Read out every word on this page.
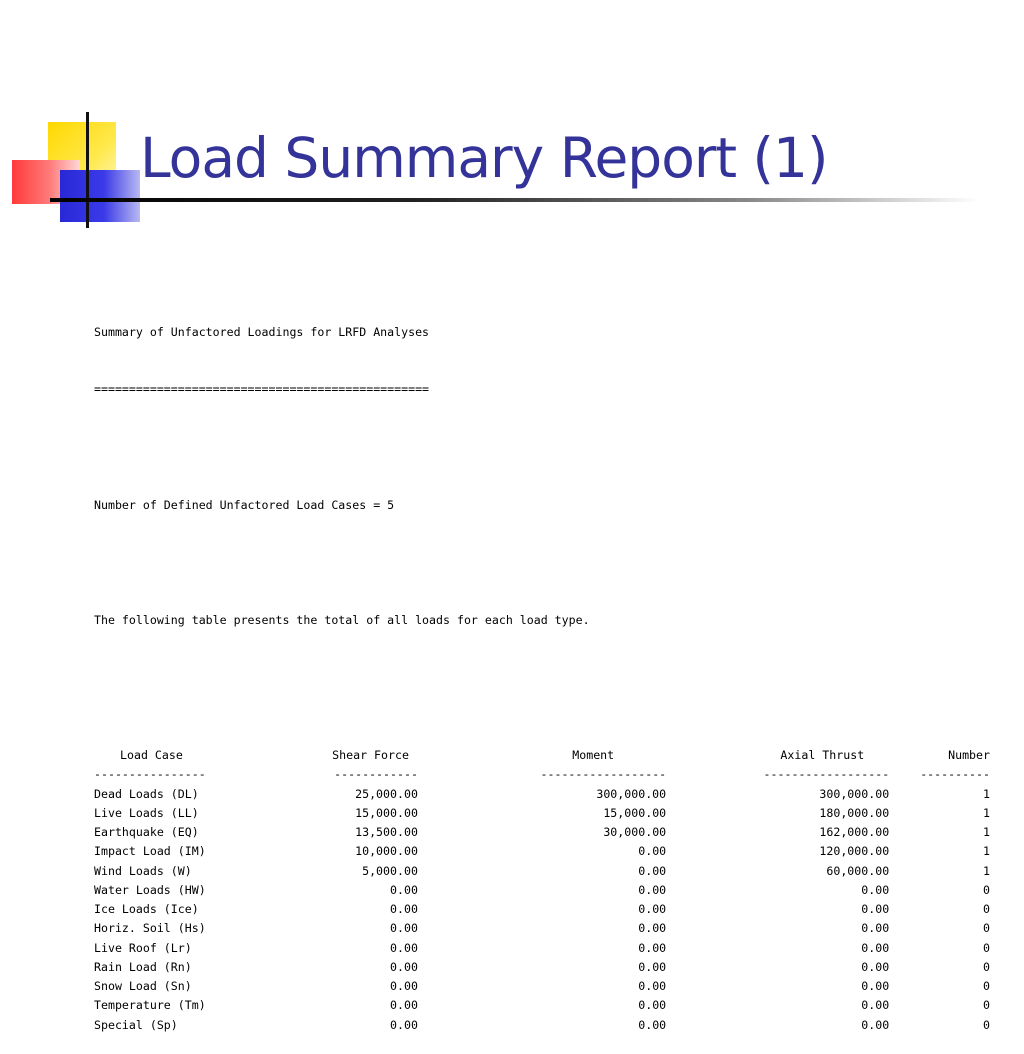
Load Summary Report (1)

Summary of Unfactored Loadings for LRFD Analyses

================================================

Number of Defined Unfactored Load Cases = 5

The following table presents the total of all loads for each load type.

Load Case	Shear Force	Moment	Axial Thrust	Number
----------------	------------	------------------	------------------	----------
Dead Loads (DL)	25,000.00	300,000.00	300,000.00	1
Live Loads (LL)	15,000.00	15,000.00	180,000.00	1
Earthquake (EQ)	13,500.00	30,000.00	162,000.00	1
Impact Load (IM)	10,000.00	0.00	120,000.00	1
Wind Loads (W)	5,000.00	0.00	60,000.00	1
Water Loads (HW)	0.00	0.00	0.00	0
Ice Loads (Ice)	0.00	0.00	0.00	0
Horiz. Soil (Hs)	0.00	0.00	0.00	0
Live Roof (Lr)	0.00	0.00	0.00	0
Rain Load (Rn)	0.00	0.00	0.00	0
Snow Load (Sn)	0.00	0.00	0.00	0
Temperature (Tm)	0.00	0.00	0.00	0
Special (Sp)	0.00	0.00	0.00	0
